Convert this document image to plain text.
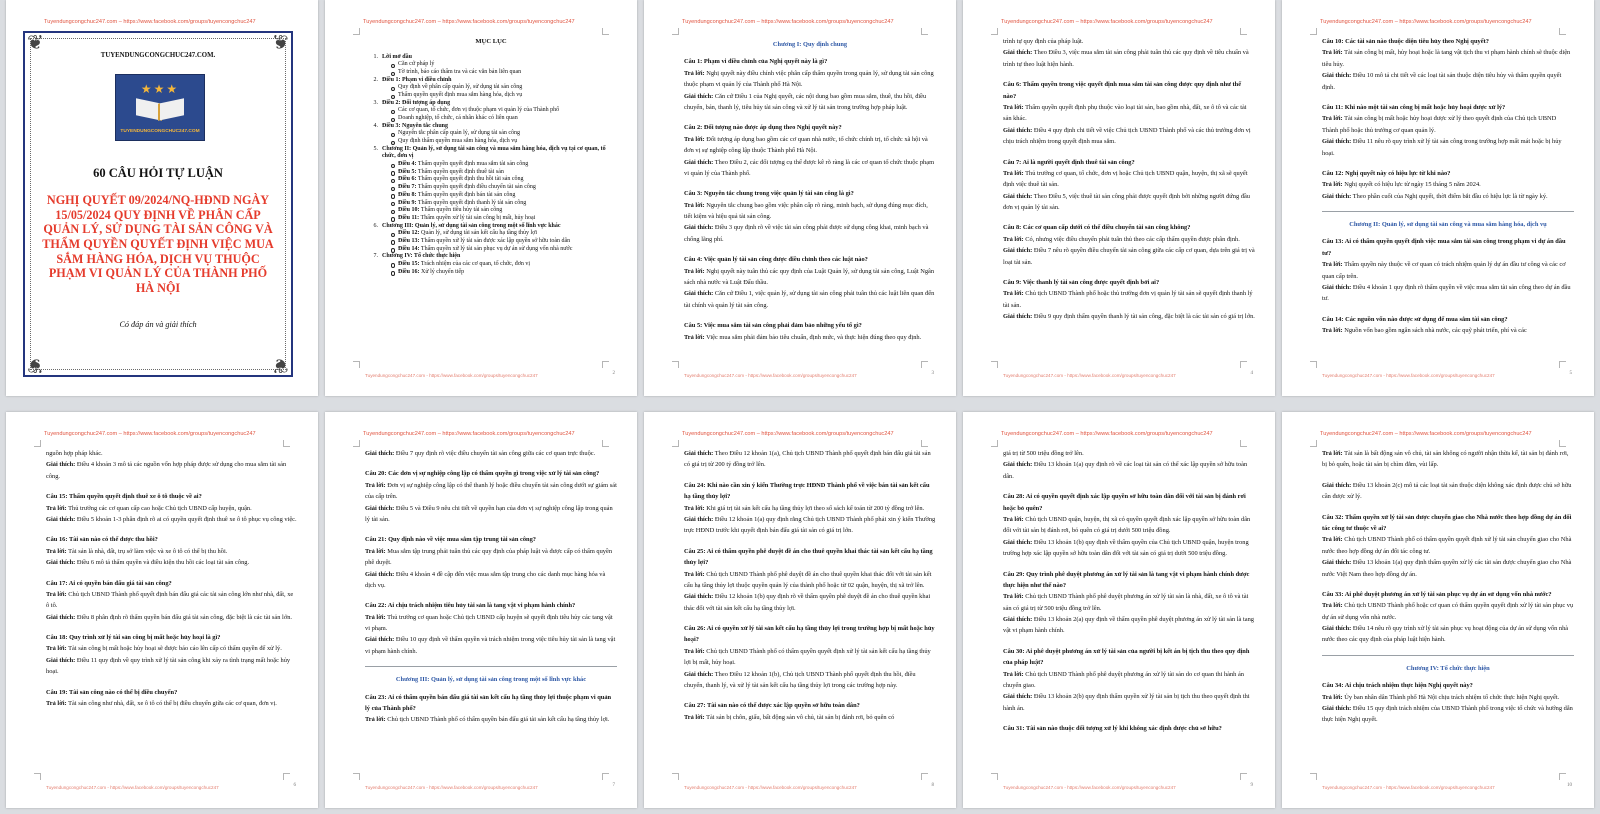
Tuyendungcongchuc247.com – https://www.facebook.com/groups/tuyencongchuc247
❦	❦
❦	❦
TUYENDUNGCONGCHUC247.COM.
★★★
TUYENDUNGCONGCHUC247.COM
60 CÂU HỎI TỰ LUẬN
NGHỊ QUYẾT 09/2024/NQ-HĐND NGÀY 15/05/2024 QUY ĐỊNH VỀ PHÂN CẤP QUẢN LÝ, SỬ DỤNG TÀI SẢN CÔNG VÀ THẨM QUYỀN QUYẾT ĐỊNH VIỆC MUA SẮM HÀNG HÓA, DỊCH VỤ THUỘC PHẠM VI QUẢN LÝ CỦA THÀNH PHỐ HÀ NỘI
Có đáp án và giải thích
Tuyendungcongchuc247.com – https://www.facebook.com/groups/tuyencongchuc247
MỤC LỤC
1. Lời mở đầu
Căn cứ pháp lý
Tờ trình, báo cáo thẩm tra và các văn bản liên quan
2. Điều 1: Phạm vi điều chỉnh
Quy định về phân cấp quản lý, sử dụng tài sản công
Thẩm quyền quyết định mua sắm hàng hóa, dịch vụ
3. Điều 2: Đối tượng áp dụng
Các cơ quan, tổ chức, đơn vị thuộc phạm vi quản lý của Thành phố
Doanh nghiệp, tổ chức, cá nhân khác có liên quan
4. Điều 3: Nguyên tắc chung
Nguyên tắc phân cấp quản lý, sử dụng tài sản công
Quy định thẩm quyền mua sắm hàng hóa, dịch vụ
5. Chương II: Quản lý, sử dụng tài sản công và mua sắm hàng hóa, dịch vụ tại cơ quan, tổ chức, đơn vị
Điều 4: Thẩm quyền quyết định mua sắm tài sản công
Điều 5: Thẩm quyền quyết định thuê tài sản
Điều 6: Thẩm quyền quyết định thu hồi tài sản công
Điều 7: Thẩm quyền quyết định điều chuyển tài sản công
Điều 8: Thẩm quyền quyết định bán tài sản công
Điều 9: Thẩm quyền quyết định thanh lý tài sản công
Điều 10: Thẩm quyền tiêu hủy tài sản công
Điều 11: Thẩm quyền xử lý tài sản công bị mất, hủy hoại
6. Chương III: Quản lý, sử dụng tài sản công trong một số lĩnh vực khác
Điều 12: Quản lý, sử dụng tài sản kết cấu hạ tầng thủy lợi
Điều 13: Thẩm quyền xử lý tài sản được xác lập quyền sở hữu toàn dân
Điều 14: Thẩm quyền xử lý tài sản phục vụ dự án sử dụng vốn nhà nước
7. Chương IV: Tổ chức thực hiện
Điều 15: Trách nhiệm của các cơ quan, tổ chức, đơn vị
Điều 16: Xử lý chuyển tiếp
Tuyendungcongchuc247.com - https://www.facebook.com/groups/tuyencongchuc247	2
Tuyendungcongchuc247.com – https://www.facebook.com/groups/tuyencongchuc247
Chương I: Quy định chung
Câu 1: Phạm vi điều chỉnh của Nghị quyết này là gì?
Trả lời: Nghị quyết này điều chỉnh việc phân cấp thẩm quyền trong quản lý, sử dụng tài sản công thuộc phạm vi quản lý của Thành phố Hà Nội.
Giải thích: Căn cứ Điều 1 của Nghị quyết, các nội dung bao gồm mua sắm, thuê, thu hồi, điều chuyển, bán, thanh lý, tiêu hủy tài sản công và xử lý tài sản trong trường hợp pháp luật.
Câu 2: Đối tượng nào được áp dụng theo Nghị quyết này?
Trả lời: Đối tượng áp dụng bao gồm các cơ quan nhà nước, tổ chức chính trị, tổ chức xã hội và đơn vị sự nghiệp công lập thuộc Thành phố Hà Nội.
Giải thích: Theo Điều 2, các đối tượng cụ thể được kê rõ ràng là các cơ quan tổ chức thuộc phạm vi quản lý của Thành phố.
Câu 3: Nguyên tắc chung trong việc quản lý tài sản công là gì?
Trả lời: Nguyên tắc chung bao gồm việc phân cấp rõ ràng, minh bạch, sử dụng đúng mục đích, tiết kiệm và hiệu quả tài sản công.
Giải thích: Điều 3 quy định rõ về việc tài sản công phải được sử dụng công khai, minh bạch và chống lãng phí.
Câu 4: Việc quản lý tài sản công được điều chỉnh theo các luật nào?
Trả lời: Nghị quyết này tuân thủ các quy định của Luật Quản lý, sử dụng tài sản công, Luật Ngân sách nhà nước và Luật Đấu thầu.
Giải thích: Căn cứ Điều 1, việc quản lý, sử dụng tài sản công phải tuân thủ các luật liên quan đến tài chính và quản lý tài sản công.
Câu 5: Việc mua sắm tài sản công phải đảm bảo những yếu tố gì?
Trả lời: Việc mua sắm phải đảm bảo tiêu chuẩn, định mức, và thực hiện đúng theo quy định.
Tuyendungcongchuc247.com - https://www.facebook.com/groups/tuyencongchuc247	3
Tuyendungcongchuc247.com – https://www.facebook.com/groups/tuyencongchuc247
trình tự quy định của pháp luật.
Giải thích: Theo Điều 3, việc mua sắm tài sản công phải tuân thủ các quy định về tiêu chuẩn và trình tự theo luật hiện hành.
Câu 6: Thẩm quyền trong việc quyết định mua sắm tài sản công được quy định như thế nào?
Trả lời: Thẩm quyền quyết định phụ thuộc vào loại tài sản, bao gồm nhà, đất, xe ô tô và các tài sản khác.
Giải thích: Điều 4 quy định chi tiết về việc Chủ tịch UBND Thành phố và các thủ trưởng đơn vị chịu trách nhiệm trong quyết định mua sắm.
Câu 7: Ai là người quyết định thuê tài sản công?
Trả lời: Thủ trưởng cơ quan, tổ chức, đơn vị hoặc Chủ tịch UBND quận, huyện, thị xã sẽ quyết định việc thuê tài sản.
Giải thích: Theo Điều 5, việc thuê tài sản công phải được quyết định bởi những người đứng đầu đơn vị quản lý tài sản.
Câu 8: Các cơ quan cấp dưới có thể điều chuyển tài sản công không?
Trả lời: Có, nhưng việc điều chuyển phải tuân thủ theo các cấp thẩm quyền được phân định.
Giải thích: Điều 7 nêu rõ quyền điều chuyển tài sản công giữa các cấp cơ quan, dựa trên giá trị và loại tài sản.
Câu 9: Việc thanh lý tài sản công được quyết định bởi ai?
Trả lời: Chủ tịch UBND Thành phố hoặc thủ trưởng đơn vị quản lý tài sản sẽ quyết định thanh lý tài sản.
Giải thích: Điều 9 quy định thẩm quyền thanh lý tài sản công, đặc biệt là các tài sản có giá trị lớn.
Tuyendungcongchuc247.com - https://www.facebook.com/groups/tuyencongchuc247	4
Tuyendungcongchuc247.com – https://www.facebook.com/groups/tuyencongchuc247
Câu 10: Các tài sản nào thuộc diện tiêu hủy theo Nghị quyết?
Trả lời: Tài sản công bị mất, hủy hoại hoặc là tang vật tịch thu vi phạm hành chính sẽ thuộc diện tiêu hủy.
Giải thích: Điều 10 mô tả chi tiết về các loại tài sản thuộc diện tiêu hủy và thẩm quyền quyết định.
Câu 11: Khi nào một tài sản công bị mất hoặc hủy hoại được xử lý?
Trả lời: Tài sản công bị mất hoặc hủy hoại được xử lý theo quyết định của Chủ tịch UBND Thành phố hoặc thủ trưởng cơ quan quản lý.
Giải thích: Điều 11 nêu rõ quy trình xử lý tài sản công trong trường hợp mất mát hoặc bị hủy hoại.
Câu 12: Nghị quyết này có hiệu lực từ khi nào?
Trả lời: Nghị quyết có hiệu lực từ ngày 15 tháng 5 năm 2024.
Giải thích: Theo phần cuối của Nghị quyết, thời điểm bắt đầu có hiệu lực là từ ngày ký.
Chương II: Quản lý, sử dụng tài sản công và mua sắm hàng hóa, dịch vụ
Câu 13: Ai có thẩm quyền quyết định việc mua sắm tài sản công trong phạm vi dự án đầu tư?
Trả lời: Thẩm quyền này thuộc về cơ quan có trách nhiệm quản lý dự án đầu tư công và các cơ quan cấp trên.
Giải thích: Điều 4 khoản 1 quy định rõ thẩm quyền về việc mua sắm tài sản công theo dự án đầu tư.
Câu 14: Các nguồn vốn nào được sử dụng để mua sắm tài sản công?
Trả lời: Nguồn vốn bao gồm ngân sách nhà nước, các quỹ phát triển, phí và các
Tuyendungcongchuc247.com - https://www.facebook.com/groups/tuyencongchuc247	5
Tuyendungcongchuc247.com – https://www.facebook.com/groups/tuyencongchuc247
nguồn hợp pháp khác.
Giải thích: Điều 4 khoản 3 mô tả các nguồn vốn hợp pháp được sử dụng cho mua sắm tài sản công.
Câu 15: Thẩm quyền quyết định thuê xe ô tô thuộc về ai?
Trả lời: Thủ trưởng các cơ quan cấp cao hoặc Chủ tịch UBND cấp huyện, quận.
Giải thích: Điều 5 khoản 1-3 phân định rõ ai có quyền quyết định thuê xe ô tô phục vụ công việc.
Câu 16: Tài sản nào có thể được thu hồi?
Trả lời: Tài sản là nhà, đất, trụ sở làm việc và xe ô tô có thể bị thu hồi.
Giải thích: Điều 6 mô tả thẩm quyền và điều kiện thu hồi các loại tài sản công.
Câu 17: Ai có quyền bán đấu giá tài sản công?
Trả lời: Chủ tịch UBND Thành phố quyết định bán đấu giá các tài sản công lớn như nhà, đất, xe ô tô.
Giải thích: Điều 8 phân định rõ thẩm quyền bán đấu giá tài sản công, đặc biệt là các tài sản lớn.
Câu 18: Quy trình xử lý tài sản công bị mất hoặc hủy hoại là gì?
Trả lời: Tài sản công bị mất hoặc hủy hoại sẽ được báo cáo lên cấp có thẩm quyền để xử lý.
Giải thích: Điều 11 quy định về quy trình xử lý tài sản công khi xảy ra tình trạng mất hoặc hủy hoại.
Câu 19: Tài sản công nào có thể bị điều chuyển?
Trả lời: Tài sản công như nhà, đất, xe ô tô có thể bị điều chuyển giữa các cơ quan, đơn vị.
Tuyendungcongchuc247.com - https://www.facebook.com/groups/tuyencongchuc247	6
Tuyendungcongchuc247.com – https://www.facebook.com/groups/tuyencongchuc247
Giải thích: Điều 7 quy định rõ việc điều chuyển tài sản công giữa các cơ quan trực thuộc.
Câu 20: Các đơn vị sự nghiệp công lập có thẩm quyền gì trong việc xử lý tài sản công?
Trả lời: Đơn vị sự nghiệp công lập có thể thanh lý hoặc điều chuyển tài sản công dưới sự giám sát của cấp trên.
Giải thích: Điều 5 và Điều 9 nêu chi tiết về quyền hạn của đơn vị sự nghiệp công lập trong quản lý tài sản.
Câu 21: Quy định nào về việc mua sắm tập trung tài sản công?
Trả lời: Mua sắm tập trung phải tuân thủ các quy định của pháp luật và được cấp có thẩm quyền phê duyệt.
Giải thích: Điều 4 khoản 4 đề cập đến việc mua sắm tập trung cho các danh mục hàng hóa và dịch vụ.
Câu 22: Ai chịu trách nhiệm tiêu hủy tài sản là tang vật vi phạm hành chính?
Trả lời: Thủ trưởng cơ quan hoặc Chủ tịch UBND cấp huyện sẽ quyết định tiêu hủy các tang vật vi phạm.
Giải thích: Điều 10 quy định về thẩm quyền và trách nhiệm trong việc tiêu hủy tài sản là tang vật vi phạm hành chính.
Chương III: Quản lý, sử dụng tài sản công trong một số lĩnh vực khác
Câu 23: Ai có thẩm quyền bán đấu giá tài sản kết cấu hạ tầng thủy lợi thuộc phạm vi quản lý của Thành phố?
Trả lời: Chủ tịch UBND Thành phố có thẩm quyền bán đấu giá tài sản kết cấu hạ tầng thủy lợi.
Tuyendungcongchuc247.com - https://www.facebook.com/groups/tuyencongchuc247	7
Tuyendungcongchuc247.com – https://www.facebook.com/groups/tuyencongchuc247
Giải thích: Theo Điều 12 khoản 1(a), Chủ tịch UBND Thành phố quyết định bán đấu giá tài sản có giá trị từ 200 tỷ đồng trở lên.
Câu 24: Khi nào cần xin ý kiến Thường trực HĐND Thành phố về việc bán tài sản kết cấu hạ tầng thủy lợi?
Trả lời: Khi giá trị tài sản kết cấu hạ tầng thủy lợi theo sổ sách kế toán từ 200 tỷ đồng trở lên.
Giải thích: Điều 12 khoản 1(a) quy định rằng Chủ tịch UBND Thành phố phải xin ý kiến Thường trực HĐND trước khi quyết định bán đấu giá tài sản có giá trị lớn.
Câu 25: Ai có thẩm quyền phê duyệt đề án cho thuê quyền khai thác tài sản kết cấu hạ tầng thủy lợi?
Trả lời: Chủ tịch UBND Thành phố phê duyệt đề án cho thuê quyền khai thác đối với tài sản kết cấu hạ tầng thủy lợi thuộc quyền quản lý của thành phố hoặc từ 02 quận, huyện, thị xã trở lên.
Giải thích: Điều 12 khoản 1(b) quy định rõ về thẩm quyền phê duyệt đề án cho thuê quyền khai thác đối với tài sản kết cấu hạ tầng thủy lợi.
Câu 26: Ai có quyền xử lý tài sản kết cấu hạ tầng thủy lợi trong trường hợp bị mất hoặc hủy hoại?
Trả lời: Chủ tịch UBND Thành phố có thẩm quyền quyết định xử lý tài sản kết cấu hạ tầng thủy lợi bị mất, hủy hoại.
Giải thích: Theo Điều 12 khoản 1(b), Chủ tịch UBND Thành phố quyết định thu hồi, điều chuyển, thanh lý, và xử lý tài sản kết cấu hạ tầng thủy lợi trong các trường hợp này.
Câu 27: Tài sản nào có thể được xác lập quyền sở hữu toàn dân?
Trả lời: Tài sản bị chôn, giấu, bất động sản vô chủ, tài sản bị đánh rơi, bỏ quên có
Tuyendungcongchuc247.com - https://www.facebook.com/groups/tuyencongchuc247	8
Tuyendungcongchuc247.com – https://www.facebook.com/groups/tuyencongchuc247
giá trị từ 500 triệu đồng trở lên.
Giải thích: Điều 13 khoản 1(a) quy định rõ về các loại tài sản có thể xác lập quyền sở hữu toàn dân.
Câu 28: Ai có quyền quyết định xác lập quyền sở hữu toàn dân đối với tài sản bị đánh rơi hoặc bỏ quên?
Trả lời: Chủ tịch UBND quận, huyện, thị xã có quyền quyết định xác lập quyền sở hữu toàn dân đối với tài sản bị đánh rơi, bỏ quên có giá trị dưới 500 triệu đồng.
Giải thích: Điều 13 khoản 1(b) quy định về thẩm quyền của Chủ tịch UBND quận, huyện trong trường hợp xác lập quyền sở hữu toàn dân đối với tài sản có giá trị dưới 500 triệu đồng.
Câu 29: Quy trình phê duyệt phương án xử lý tài sản là tang vật vi phạm hành chính được thực hiện như thế nào?
Trả lời: Chủ tịch UBND Thành phố phê duyệt phương án xử lý tài sản là nhà, đất, xe ô tô và tài sản có giá trị từ 500 triệu đồng trở lên.
Giải thích: Điều 13 khoản 2(a) quy định về thẩm quyền phê duyệt phương án xử lý tài sản là tang vật vi phạm hành chính.
Câu 30: Ai phê duyệt phương án xử lý tài sản của người bị kết án bị tịch thu theo quy định của pháp luật?
Trả lời: Chủ tịch UBND Thành phố phê duyệt phương án xử lý tài sản do cơ quan thi hành án chuyển giao.
Giải thích: Điều 13 khoản 2(b) quy định thẩm quyền xử lý tài sản bị tịch thu theo quyết định thi hành án.
Câu 31: Tài sản nào thuộc đối tượng xử lý khi không xác định được chủ sở hữu?
Tuyendungcongchuc247.com - https://www.facebook.com/groups/tuyencongchuc247	9
Tuyendungcongchuc247.com – https://www.facebook.com/groups/tuyencongchuc247
Trả lời: Tài sản là bất động sản vô chủ, tài sản không có người nhận thừa kế, tài sản bị đánh rơi, bị bỏ quên, hoặc tài sản bị chìm đắm, vùi lấp.
Giải thích: Điều 13 khoản 2(c) mô tả các loại tài sản thuộc diện không xác định được chủ sở hữu cần được xử lý.
Câu 32: Thẩm quyền xử lý tài sản được chuyển giao cho Nhà nước theo hợp đồng dự án đối tác công tư thuộc về ai?
Trả lời: Chủ tịch UBND Thành phố có thẩm quyền quyết định xử lý tài sản chuyển giao cho Nhà nước theo hợp đồng dự án đối tác công tư.
Giải thích: Điều 13 khoản 1(a) quy định thẩm quyền xử lý các tài sản được chuyển giao cho Nhà nước Việt Nam theo hợp đồng dự án.
Câu 33: Ai phê duyệt phương án xử lý tài sản phục vụ dự án sử dụng vốn nhà nước?
Trả lời: Chủ tịch UBND Thành phố hoặc cơ quan có thẩm quyền quyết định xử lý tài sản phục vụ dự án sử dụng vốn nhà nước.
Giải thích: Điều 14 nêu rõ quy trình xử lý tài sản phục vụ hoạt động của dự án sử dụng vốn nhà nước theo các quy định của pháp luật hiện hành.
Chương IV: Tổ chức thực hiện
Câu 34: Ai chịu trách nhiệm thực hiện Nghị quyết này?
Trả lời: Ủy ban nhân dân Thành phố Hà Nội chịu trách nhiệm tổ chức thực hiện Nghị quyết.
Giải thích: Điều 15 quy định trách nhiệm của UBND Thành phố trong việc tổ chức và hướng dẫn thực hiện Nghị quyết.
Tuyendungcongchuc247.com - https://www.facebook.com/groups/tuyencongchuc247	10
